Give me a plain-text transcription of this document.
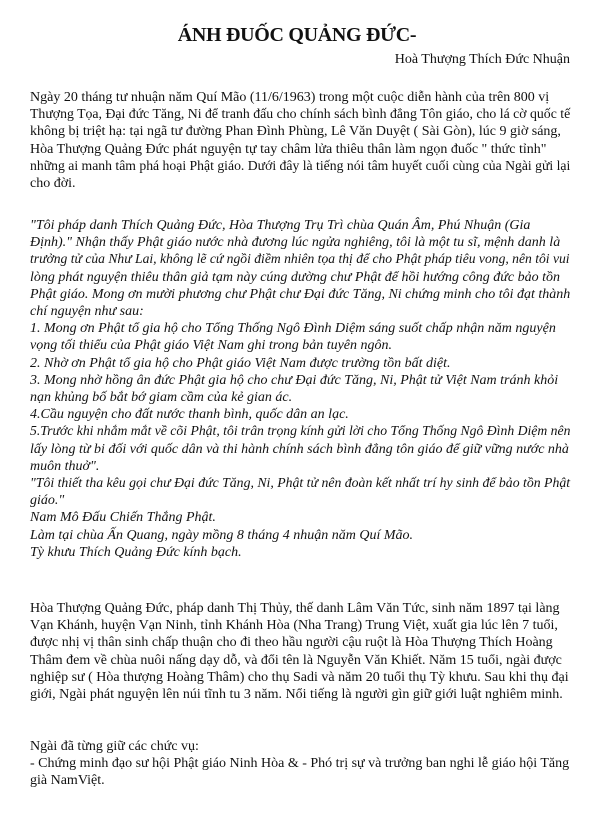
ÁNH ĐUỐC QUẢNG ĐỨC-
Hoà Thượng Thích Đức Nhuận
Ngày 20 tháng tư nhuận năm Quí Mão (11/6/1963) trong một cuộc diễn hành của trên 800 vị
Thượng Tọa, Đại đức Tăng, Ni để tranh đấu cho chính sách bình đẳng Tôn giáo, cho lá cờ quốc tế
không bị triệt hạ: tại ngã tư đường Phan Đình Phùng, Lê Văn Duyệt ( Sài Gòn), lúc 9 giờ sáng,
Hòa Thượng Quảng Đức phát nguyện tự tay châm lửa thiêu thân làm ngọn đuốc " thức tỉnh"
những ai manh tâm phá hoại Phật giáo. Dưới đây là tiếng nói tâm huyết cuối cùng của Ngài gửi lại
cho đời.
"Tôi pháp danh Thích Quảng Đức, Hòa Thượng Trụ Trì chùa Quán Âm, Phú Nhuận (Gia
Định)." Nhận thấy Phật giáo nước nhà đương lúc ngửa nghiêng, tôi là một tu sĩ, mệnh danh là
trưởng tử của Như Lai, không lẽ cứ ngồi điềm nhiên tọa thị để cho Phật pháp tiêu vong, nên tôi vui
lòng phát nguyện thiêu thân giả tạm này cúng dường chư Phật để hồi hướng công đức bảo tồn
Phật giáo. Mong ơn mười phương chư Phật chư Đại đức Tăng, Ni chứng minh cho tôi đạt thành
chí nguyện như sau:
1. Mong ơn Phật tổ gia hộ cho Tổng Thống Ngô Đình Diệm sáng suốt chấp nhận năm nguyện
vọng tối thiểu của Phật giáo Việt Nam ghi trong bản tuyên ngôn.
2. Nhờ ơn Phật tổ gia hộ cho Phật giáo Việt Nam được trường tồn bất diệt.
3. Mong nhờ hồng ân đức Phật gia hộ cho chư Đại đức Tăng, Ni, Phật tử Việt Nam tránh khỏi
nạn khủng bố bắt bớ giam cầm của kẻ gian ác.
4.Cầu nguyện cho đất nước thanh bình, quốc dân an lạc.
5.Trước khi nhắm mắt về cõi Phật, tôi trân trọng kính gửi lời cho Tổng Thống Ngô Đình Diệm nên
lấy lòng từ bi đối với quốc dân và thi hành chính sách bình đẳng tôn giáo để giữ vững nước nhà
muôn thuở".
"Tôi thiết tha kêu gọi chư Đại đức Tăng, Ni, Phật tử nên đoàn kết nhất trí hy sinh để bảo tồn Phật
giáo."
Nam Mô Đấu Chiến Thắng Phật.
Làm tại chùa Ấn Quang, ngày mồng 8 tháng 4 nhuận năm Quí Mão.
Tỳ khưu Thích Quảng Đức kính bạch.
Hòa Thượng Quảng Đức, pháp danh Thị Thủy, thế danh Lâm Văn Tức, sinh năm 1897 tại làng
Vạn Khánh, huyện Vạn Ninh, tỉnh Khánh Hòa (Nha Trang) Trung Việt, xuất gia lúc lên 7 tuổi,
được nhị vị thân sinh chấp thuận cho đi theo hầu người cậu ruột là Hòa Thượng Thích Hoàng
Thâm đem về chùa nuôi nấng dạy dỗ, và đổi tên là Nguyễn Văn Khiết. Năm 15 tuổi, ngài được
nghiệp sư ( Hòa thượng Hoàng Thâm) cho thụ Sadi và năm 20 tuổi thụ Tỳ khưu. Sau khi thụ đại
giới, Ngài phát nguyện lên núi tĩnh tu 3 năm. Nổi tiếng là người gìn giữ giới luật nghiêm minh.
Ngài đã từng giữ các chức vụ:
- Chứng minh đạo sư hội Phật giáo Ninh Hòa & - Phó trị sự và trưởng ban nghi lễ giáo hội Tăng
già NamViệt.
